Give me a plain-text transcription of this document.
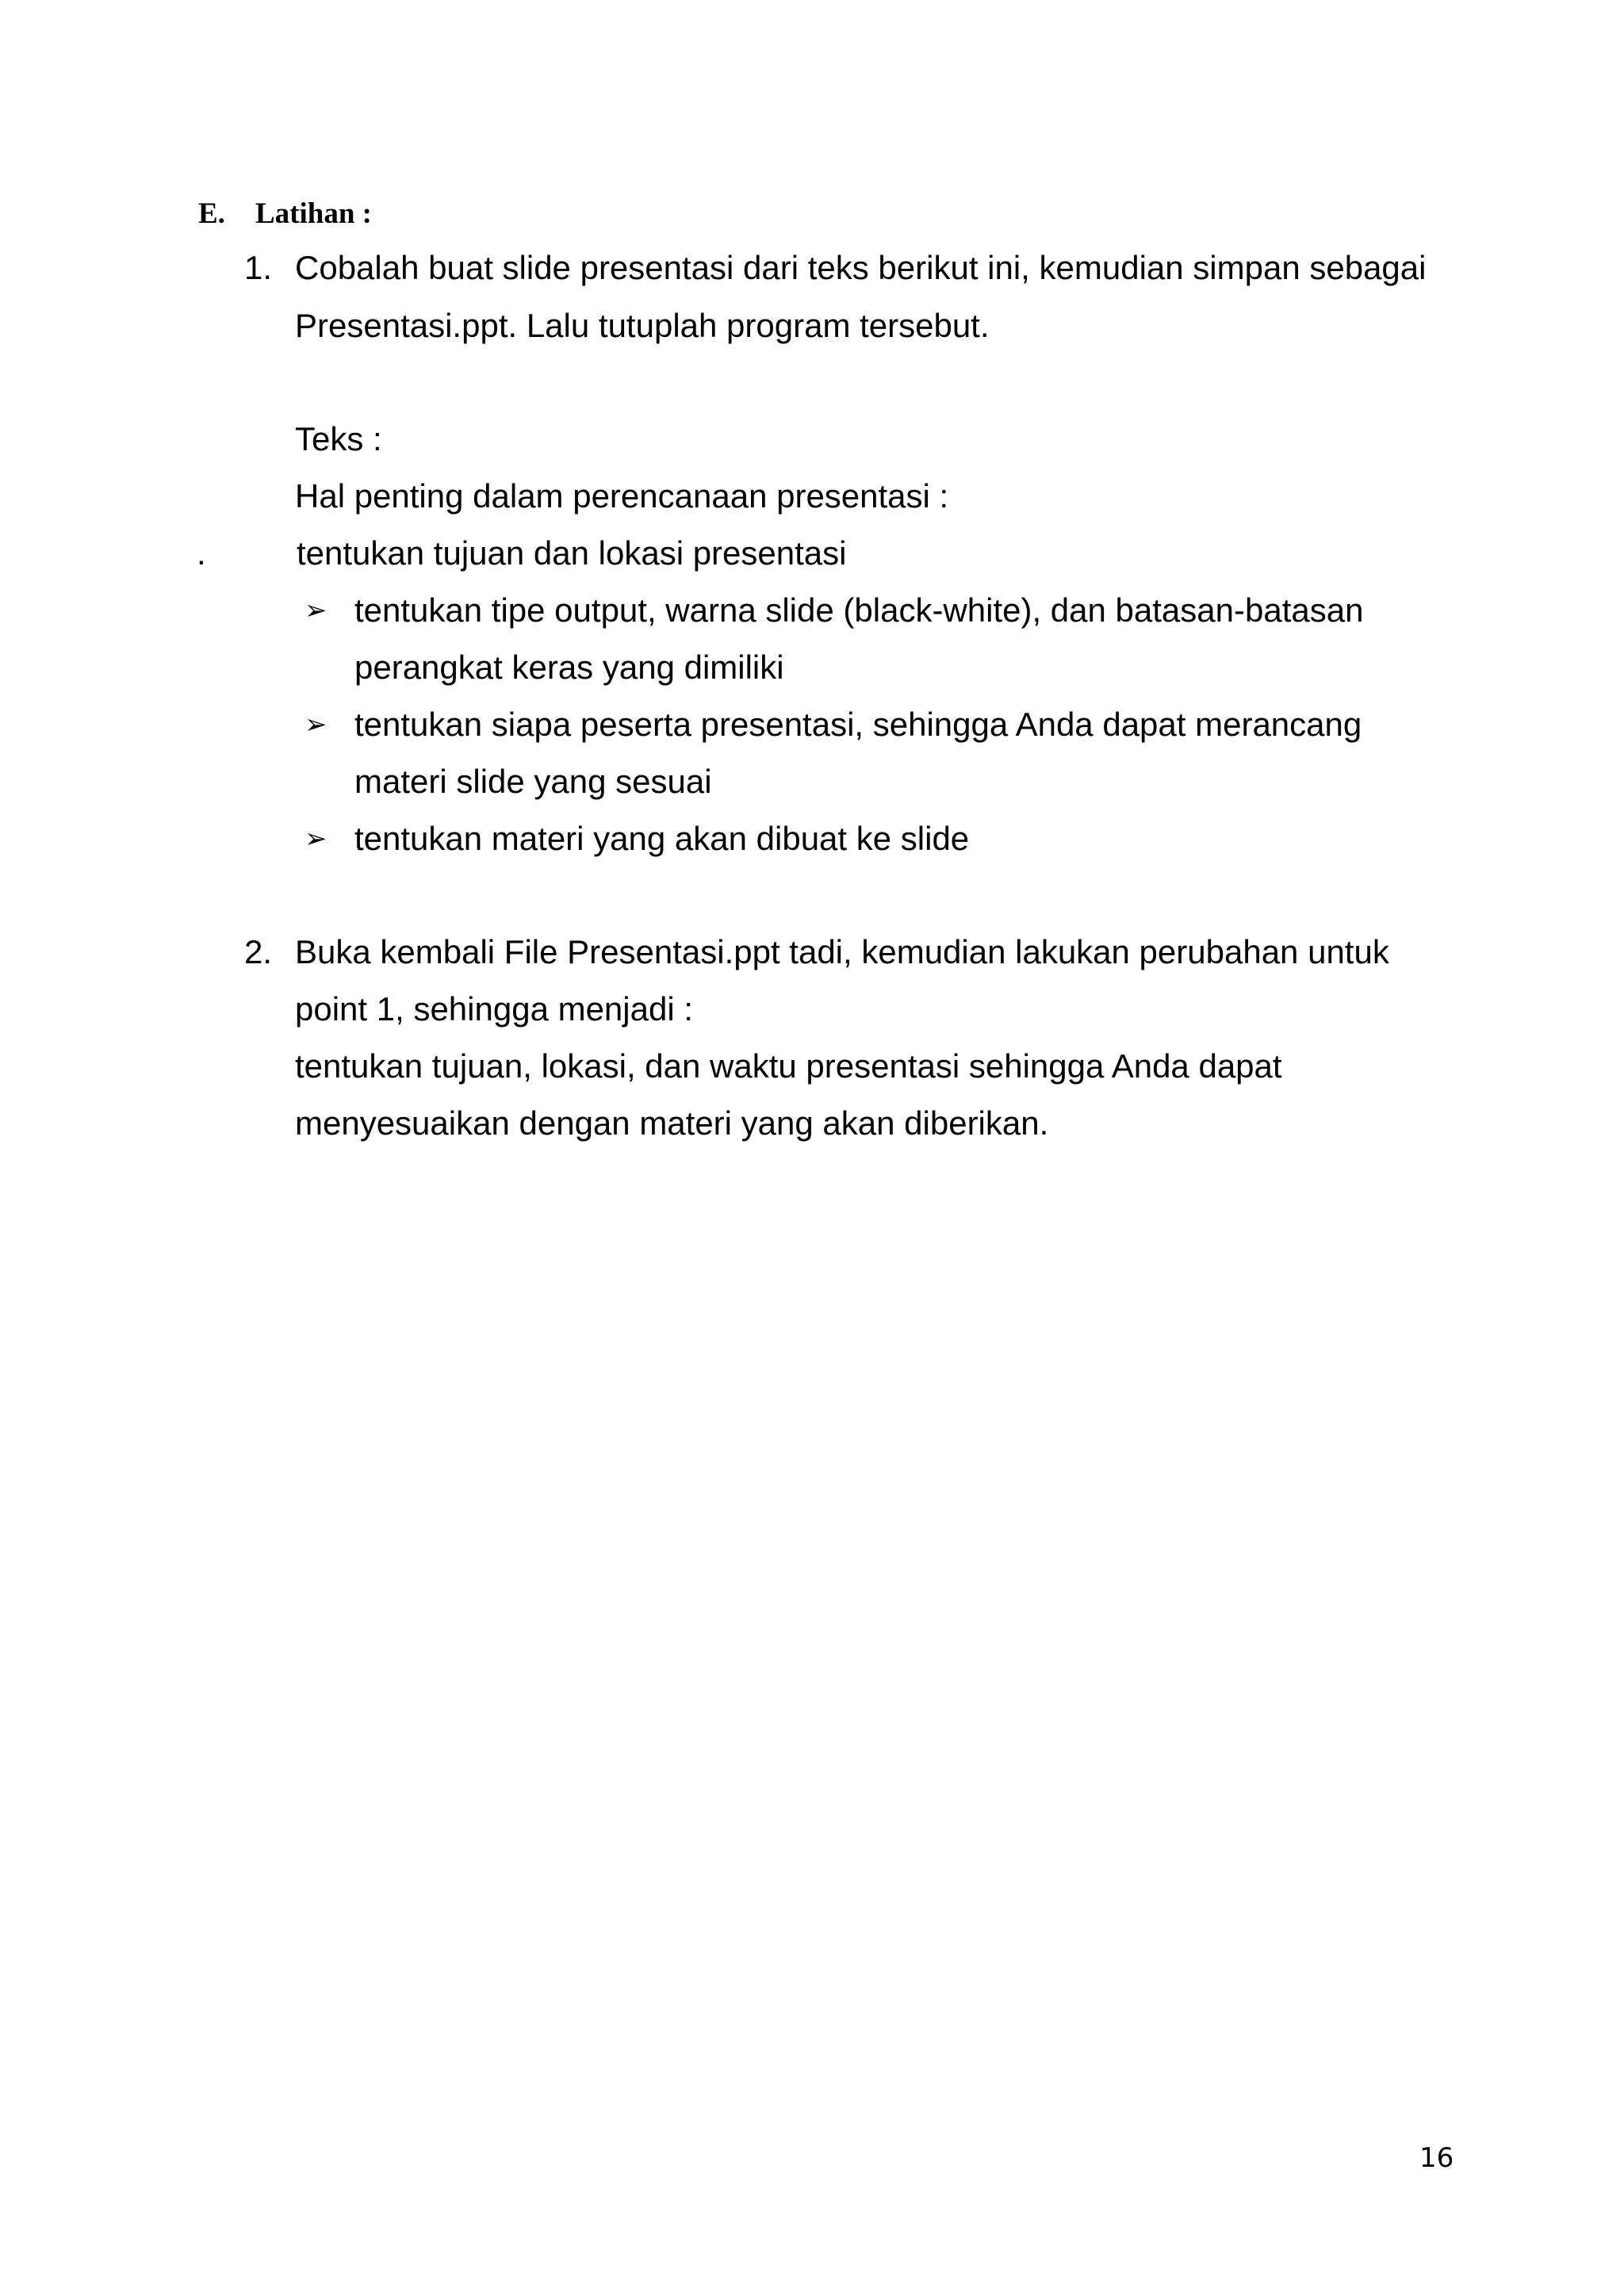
E. Latihan :
1. Cobalah buat slide presentasi dari teks berikut ini, kemudian simpan sebagai
Presentasi.ppt. Lalu tutuplah program tersebut.
Teks :
Hal penting dalam perencanaan presentasi :
.	tentukan tujuan dan lokasi presentasi
➢ tentukan tipe output, warna slide (black-white), dan batasan-batasan
perangkat keras yang dimiliki
➢ tentukan siapa peserta presentasi, sehingga Anda dapat merancang
materi slide yang sesuai
➢ tentukan materi yang akan dibuat ke slide
2. Buka kembali File Presentasi.ppt tadi, kemudian lakukan perubahan untuk
point 1, sehingga menjadi :
tentukan tujuan, lokasi, dan waktu presentasi sehingga Anda dapat
menyesuaikan dengan materi yang akan diberikan.
16
